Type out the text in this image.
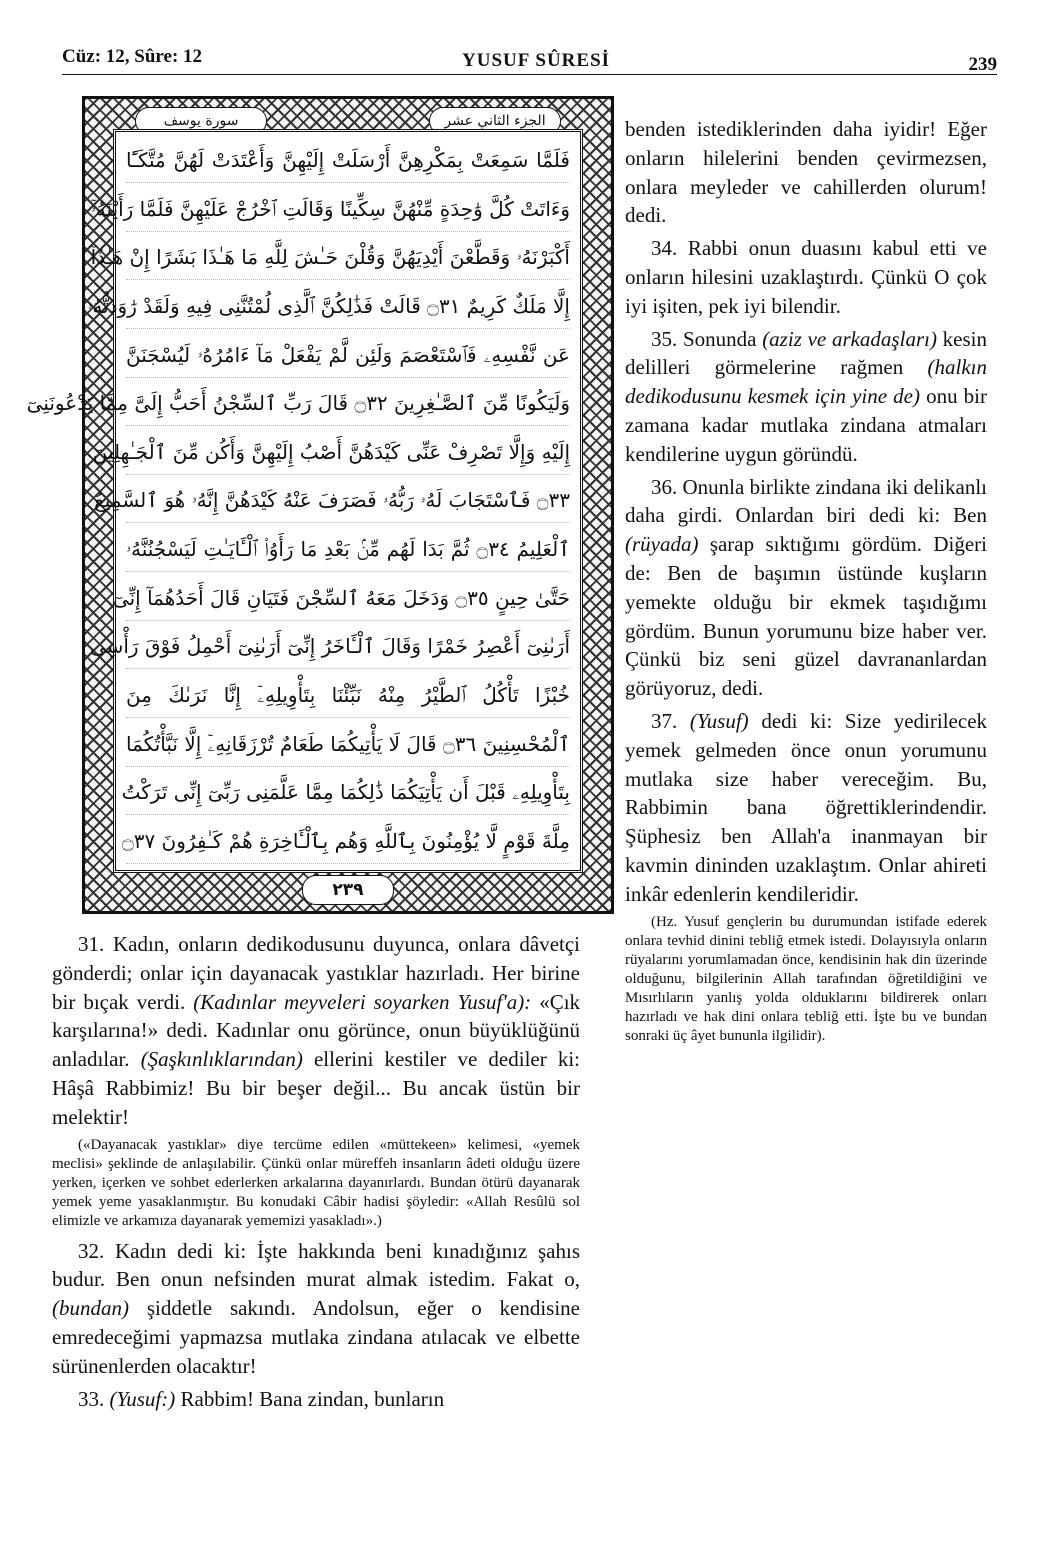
Cüz: 12, Sûre: 12	YUSUF SÛRESİ	239
الجزء الثاني عشر
سورة يوسف
فَلَمَّا سَمِعَتْ بِمَكْرِهِنَّ أَرْسَلَتْ إِلَيْهِنَّ وَأَعْتَدَتْ لَهُنَّ مُتَّكَـًٔا
وَءَاتَتْ كُلَّ وَٰحِدَةٍ مِّنْهُنَّ سِكِّينًا وَقَالَتِ ٱخْرُجْ عَلَيْهِنَّ فَلَمَّا رَأَيْنَهُۥٓ
أَكْبَرْنَهُۥ وَقَطَّعْنَ أَيْدِيَهُنَّ وَقُلْنَ حَـٰشَ لِلَّهِ مَا هَـٰذَا بَشَرًا إِنْ هَـٰذَآ
إِلَّا مَلَكٌ كَرِيمٌ ۝٣١ قَالَتْ فَذَٰلِكُنَّ ٱلَّذِى لُمْتُنَّنِى فِيهِ وَلَقَدْ رَٰوَدتُّهُۥ
عَن نَّفْسِهِۦ فَٱسْتَعْصَمَ وَلَئِن لَّمْ يَفْعَلْ مَآ ءَامُرُهُۥ لَيُسْجَنَنَّ
وَلَيَكُونًا مِّنَ ٱلصَّـٰغِرِينَ ۝٣٢ قَالَ رَبِّ ٱلسِّجْنُ أَحَبُّ إِلَىَّ مِمَّا يَدْعُونَنِىٓ
إِلَيْهِ وَإِلَّا تَصْرِفْ عَنِّى كَيْدَهُنَّ أَصْبُ إِلَيْهِنَّ وَأَكُن مِّنَ ٱلْجَـٰهِلِينَ
۝٣٣ فَٱسْتَجَابَ لَهُۥ رَبُّهُۥ فَصَرَفَ عَنْهُ كَيْدَهُنَّ إِنَّهُۥ هُوَ ٱلسَّمِيعُ
ٱلْعَلِيمُ ۝٣٤ ثُمَّ بَدَا لَهُم مِّنۢ بَعْدِ مَا رَأَوُا۟ ٱلْـَٔايَـٰتِ لَيَسْجُنُنَّهُۥ
حَتَّىٰ حِينٍ ۝٣٥ وَدَخَلَ مَعَهُ ٱلسِّجْنَ فَتَيَانِ قَالَ أَحَدُهُمَآ إِنِّىٓ
أَرَىٰنِىٓ أَعْصِرُ خَمْرًا وَقَالَ ٱلْـَٔاخَرُ إِنِّىٓ أَرَىٰنِىٓ أَحْمِلُ فَوْقَ رَأْسِى
خُبْزًا تَأْكُلُ ٱلطَّيْرُ مِنْهُ نَبِّئْنَا بِتَأْوِيلِهِۦٓ إِنَّا نَرَىٰكَ مِنَ
ٱلْمُحْسِنِينَ ۝٣٦ قَالَ لَا يَأْتِيكُمَا طَعَامٌ تُرْزَقَانِهِۦٓ إِلَّا نَبَّأْتُكُمَا
بِتَأْوِيلِهِۦ قَبْلَ أَن يَأْتِيَكُمَا ذَٰلِكُمَا مِمَّا عَلَّمَنِى رَبِّىٓ إِنِّى تَرَكْتُ
مِلَّةَ قَوْمٍ لَّا يُؤْمِنُونَ بِٱللَّهِ وَهُم بِٱلْـَٔاخِرَةِ هُمْ كَـٰفِرُونَ ۝٣٧
٢٣٩

31. Kadın, onların dedikodusunu duyunca, onlara dâvetçi gönderdi; onlar için dayanacak yastıklar hazırladı. Her birine bir bıçak verdi. (Kadınlar meyveleri soyarken Yusuf'a): «Çık karşılarına!» dedi. Kadınlar onu görünce, onun büyüklüğünü anladılar. (Şaşkınlıklarından) ellerini kestiler ve dediler ki: Hâşâ Rabbimiz! Bu bir beşer değil... Bu ancak üstün bir melektir!

(«Dayanacak yastıklar» diye tercüme edilen «müttekeen» kelimesi, «yemek meclisi» şeklinde de anlaşılabilir. Çünkü onlar müreffeh insanların âdeti olduğu üzere yerken, içerken ve sohbet ederlerken arkalarına dayanırlardı. Bundan ötürü dayanarak yemek yeme yasaklanmıştır. Bu konudaki Câbir hadisi şöyledir: «Allah Resûlü sol elimizle ve arkamıza dayanarak yememizi yasakladı».)

32. Kadın dedi ki: İşte hakkında beni kınadığınız şahıs budur. Ben onun nefsinden murat almak istedim. Fakat o, (bundan) şiddetle sakındı. Andolsun, eğer o kendisine emredeceğimi yapmazsa mutlaka zindana atılacak ve elbette sürünenlerden olacaktır!

33. (Yusuf:) Rabbim! Bana zindan, bunların

benden istediklerinden daha iyidir! Eğer onların hilelerini benden çevirmezsen, onlara meyleder ve cahillerden olurum! dedi.

34. Rabbi onun duasını kabul etti ve onların hilesini uzaklaştırdı. Çünkü O çok iyi işiten, pek iyi bilendir.

35. Sonunda (aziz ve arkadaşları) kesin delilleri görmelerine rağmen (halkın dedikodusunu kesmek için yine de) onu bir zamana kadar mutlaka zindana atmaları kendilerine uygun göründü.

36. Onunla birlikte zindana iki delikanlı daha girdi. Onlardan biri dedi ki: Ben (rüyada) şarap sıktığımı gördüm. Diğeri de: Ben de başımın üstünde kuşların yemekte olduğu bir ekmek taşıdığımı gördüm. Bunun yorumunu bize haber ver. Çünkü biz seni güzel davrananlardan görüyoruz, dedi.

37. (Yusuf) dedi ki: Size yedirilecek yemek gelmeden önce onun yorumunu mutlaka size haber vereceğim. Bu, Rabbimin bana öğrettiklerindendir. Şüphesiz ben Allah'a inanmayan bir kavmin dininden uzaklaştım. Onlar ahireti inkâr edenlerin kendileridir.

(Hz. Yusuf gençlerin bu durumundan istifade ederek onlara tevhid dinini tebliğ etmek istedi. Dolayısıyla onların rüyalarını yorumlamadan önce, kendisinin hak din üzerinde olduğunu, bilgilerinin Allah tarafından öğretildiğini ve Mısırlıların yanlış yolda olduklarını bildirerek onları hazırladı ve hak dini onlara tebliğ etti. İşte bu ve bundan sonraki üç âyet bununla ilgilidir).
